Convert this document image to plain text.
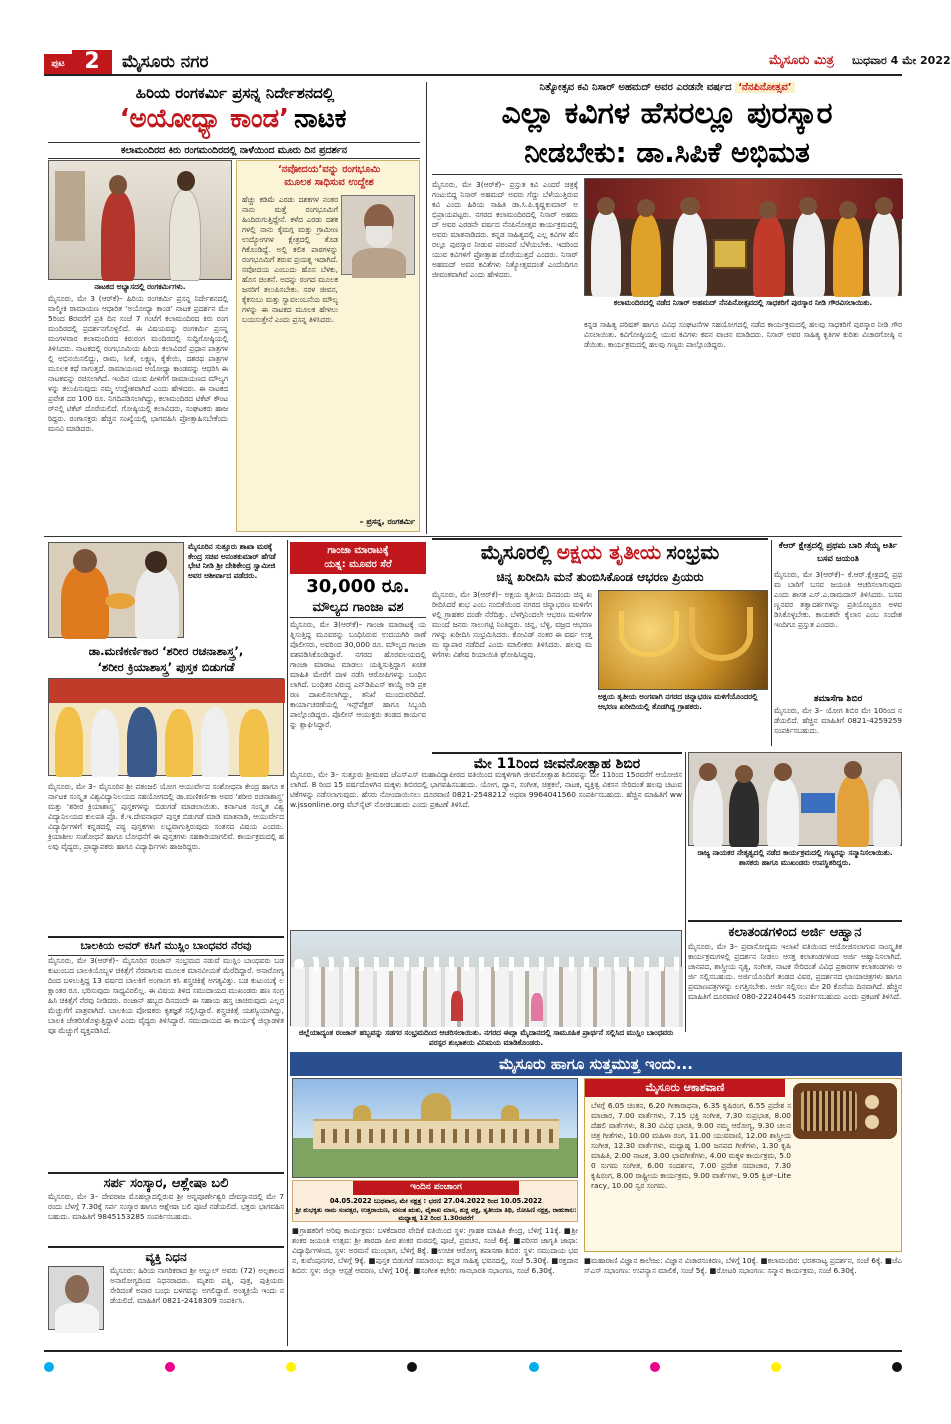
ಪುಟ 2	ಮೈಸೂರು ನಗರ	ಮೈಸೂರು ಮಿತ್ರ ಬುಧವಾರ 4 ಮೇ 2022
ಹಿರಿಯ ರಂಗಕರ್ಮಿ ಪ್ರಸನ್ನ ನಿರ್ದೇಶನದಲ್ಲಿ
‘ಅಯೋಧ್ಯಾ ಕಾಂಡ’ ನಾಟಕ
ಕಲಾಮಂದಿರದ ಕಿರು ರಂಗಮಂದಿರದಲ್ಲಿ ನಾಳೆಯಿಂದ ಮೂರು ದಿನ ಪ್ರದರ್ಶನ
ನಾಟಕದ ಅಭ್ಯಾಸದಲ್ಲಿ ರಂಗಕರ್ಮಿಗಳು.
ಮೈಸೂರು, ಮೇ 3 (ಆರ್‌ಕೆ)– ಹಿರಿಯ ರಂಗಕರ್ಮಿ ಪ್ರಸನ್ನ ನಿರ್ದೇಶನದಲ್ಲಿ ವಾಲ್ಮೀಕಿ ರಾಮಾಯಣ ಆಧಾರಿತ ‘ಅಯೋಧ್ಯಾ ಕಾಂಡ’ ನಾಟಕ ಪ್ರದರ್ಶನ ಮೇ 5ರಿಂದ 8ರವರೆಗೆ ಪ್ರತಿ ದಿನ ಸಂಜೆ 7 ಗಂಟೆಗೆ ಕಲಾಮಂದಿರದ ಕಿರು ರಂಗಮಂದಿರದಲ್ಲಿ ಪ್ರದರ್ಶನಗೊಳ್ಳಲಿದೆ. ಈ ವಿಷಯವನ್ನು ರಂಗಕರ್ಮಿ ಪ್ರಸನ್ನ ಮಂಗಳವಾರ ಕಲಾಮಂದಿರದ ಕಿರುರಂಗ ಮಂದಿರದಲ್ಲಿ ಸುದ್ದಿಗೋಷ್ಠಿಯಲ್ಲಿ ತಿಳಿಸಿದರು. ನಾಟಕದಲ್ಲಿ ರಂಗಭೂಮಿಯ ಹಿರಿಯ ಕಲಾವಿದರೆ ಪ್ರಧಾನ ಪಾತ್ರಗಳಲ್ಲಿ ಅಭಿನಯಿಸಲಿದ್ದು, ರಾಮ, ಸೀತೆ, ಲಕ್ಷ್ಮಣ, ಕೈಕೇಯಿ, ದಶರಥ ಪಾತ್ರಗಳ ಮೂಲಕ ಕಥೆ ಸಾಗುತ್ತದೆ. ರಾಮಾಯಣದ ಅಯೋಧ್ಯಾ ಕಾಂಡವನ್ನು ಆಧರಿಸಿ ಈ ನಾಟಕವನ್ನು ರಚಿಸಲಾಗಿದೆ. ಇಂದಿನ ಯುವ ಪೀಳಿಗೆಗೆ ರಾಮಾಯಣದ ಮೌಲ್ಯಗಳನ್ನು ತಲುಪಿಸುವುದು ನಮ್ಮ ಉದ್ದೇಶವಾಗಿದೆ ಎಂದು ಹೇಳಿದರು. ಈ ನಾಟಕದ ಪ್ರವೇಶ ದರ 100 ರೂ. ನಿಗದಿಪಡಿಸಲಾಗಿದ್ದು, ಕಲಾಮಂದಿರದ ಟಿಕೆಟ್ ಕೌಂಟರ್‌ನಲ್ಲಿ ಟಿಕೆಟ್ ದೊರೆಯಲಿದೆ. ಗೋಷ್ಠಿಯಲ್ಲಿ ಕಲಾವಿದರು, ಸಂಘಟಕರು ಹಾಜರಿದ್ದರು. ರಂಗಾಸಕ್ತರು ಹೆಚ್ಚಿನ ಸಂಖ್ಯೆಯಲ್ಲಿ ಭಾಗವಹಿಸಿ ಪ್ರೋತ್ಸಾಹಿಸಬೇಕೆಂದು ಮನವಿ ಮಾಡಿದರು.
‘ನವೋದಯ’ವನ್ನು ರಂಗಭೂಮಿ
ಮೂಲಕ ಸಾಧಿಸುವ ಉದ್ದೇಶ
ಹೆಚ್ಚು ಕಡಿಮೆ ಎರಡು ದಶಕಗಳ ನಂತರ ನಾನು ಮತ್ತೆ ರಂಗಭೂಮಿಗೆ ಹಿಂದಿರುಗುತ್ತಿದ್ದೇನೆ. ಕಳೆದ ಎರಡು ದಶಕಗಳಲ್ಲಿ ನಾನು ಕೈಮಗ್ಗ ಮತ್ತು ಗ್ರಾಮೀಣ ಉದ್ಯೋಗಗಳ ಕ್ಷೇತ್ರದಲ್ಲಿ ತೊಡಗಿಕೊಂಡಿದ್ದೆ. ಅಲ್ಲಿ ಕಲಿತ ಪಾಠಗಳನ್ನು ರಂಗಭೂಮಿಗೆ ತರುವ ಪ್ರಯತ್ನ ಇದಾಗಿದೆ. ನವೋದಯ ಎಂಬುದು ಹೊಸ ಬೆಳಕು, ಹೊಸ ಚಿಂತನೆ. ಅದನ್ನು ರಂಗದ ಮೂಲಕ ಜನರಿಗೆ ತಲುಪಿಸಬೇಕು. ಸರಳ ಜೀವನ, ಕೈಕಸುಬು ಮತ್ತು ಸ್ವಾವಲಂಬನೆಯ ಮೌಲ್ಯಗಳನ್ನು ಈ ನಾಟಕದ ಮೂಲಕ ಹೇಳಲು ಬಯಸುತ್ತೇನೆ ಎಂದು ಪ್ರಸನ್ನ ತಿಳಿಸಿದರು.
– ಪ್ರಸನ್ನ, ರಂಗಕರ್ಮಿ
ನಿತ್ಯೋತ್ಸವ ಕವಿ ನಿಸಾರ್ ಅಹಮದ್ ಅವರ ಎರಡನೇ ವರ್ಷದ ‘ನೆನಪಿನೋತ್ಸವ’
ಎಲ್ಲಾ ಕವಿಗಳ ಹೆಸರಲ್ಲೂ ಪುರಸ್ಕಾರ
ನೀಡಬೇಕು: ಡಾ.ಸಿಪಿಕೆ ಅಭಿಮತ
ಮೈಸೂರು, ಮೇ 3(ಆರ್‌ಕೆ)– ಪ್ರಸ್ತುತ ಕವಿ ಎಂದರೆ ಚಿತ್ರಕ್ಕೆ ಗಂಟುಬಿದ್ದ ನಿಸಾರ್ ಅಹಮದ್ ಅವರು ಗೆದ್ದು ಬೆಳೆಯುತ್ತಿರುವ ಕವಿ ಎಂದು ಹಿರಿಯ ಸಾಹಿತಿ ಡಾ.ಸಿ.ಪಿ.ಕೃಷ್ಣಕುಮಾರ್ ಅಭಿಪ್ರಾಯಪಟ್ಟರು. ನಗರದ ಕಲಾಮಂದಿರದಲ್ಲಿ ನಿಸಾರ್ ಅಹಮದ್ ಅವರ ಎರಡನೇ ವರ್ಷದ ನೆನಪಿನೋತ್ಸವ ಕಾರ್ಯಕ್ರಮದಲ್ಲಿ ಅವರು ಮಾತನಾಡಿದರು. ಕನ್ನಡ ಸಾಹಿತ್ಯದಲ್ಲಿ ಎಲ್ಲ ಕವಿಗಳ ಹೆಸರಲ್ಲೂ ಪುರಸ್ಕಾರ ನೀಡುವ ಪರಂಪರೆ ಬೆಳೆಯಬೇಕು. ಇದರಿಂದ ಯುವ ಕವಿಗಳಿಗೆ ಪ್ರೋತ್ಸಾಹ ದೊರೆಯುತ್ತದೆ ಎಂದರು. ನಿಸಾರ್ ಅಹಮದ್ ಅವರ ಕವಿತೆಗಳು ನಿತ್ಯೋತ್ಸವದಂತೆ ಎಂದೆಂದಿಗೂ ಜೀವಂತವಾಗಿವೆ ಎಂದು ಹೇಳಿದರು.
ಕಲಾಮಂದಿರದಲ್ಲಿ ನಡೆದ ನಿಸಾರ್ ಅಹಮದ್ ನೆನಪಿನೋತ್ಸವದಲ್ಲಿ ಸಾಧಕರಿಗೆ ಪುರಸ್ಕಾರ ನೀಡಿ ಗೌರವಿಸಲಾಯಿತು.
ಕನ್ನಡ ಸಾಹಿತ್ಯ ಪರಿಷತ್ ಹಾಗೂ ವಿವಿಧ ಸಂಘಟನೆಗಳ ಸಹಯೋಗದಲ್ಲಿ ನಡೆದ ಕಾರ್ಯಕ್ರಮದಲ್ಲಿ ಹಲವು ಸಾಧಕರಿಗೆ ಪುರಸ್ಕಾರ ನೀಡಿ ಗೌರವಿಸಲಾಯಿತು. ಕವಿಗೋಷ್ಠಿಯಲ್ಲಿ ಯುವ ಕವಿಗಳು ಕವನ ವಾಚನ ಮಾಡಿದರು. ನಿಸಾರ್ ಅವರ ಸಾಹಿತ್ಯ ಕೃತಿಗಳ ಕುರಿತು ವಿಚಾರಗೋಷ್ಠಿ ನಡೆಯಿತು. ಕಾರ್ಯಕ್ರಮದಲ್ಲಿ ಹಲವು ಗಣ್ಯರು ಪಾಲ್ಗೊಂಡಿದ್ದರು.
ಮೈಸೂರಲ್ಲಿ ಅಕ್ಷಯ ತೃತೀಯ ಸಂಭ್ರಮ
ಚಿನ್ನ ಖರೀದಿಸಿ ಮನೆ ತುಂಬಿಸಿಕೊಂಡ ಆಭರಣ ಪ್ರಿಯರು
ಮೈಸೂರು, ಮೇ 3(ಆರ್‌ಕೆ)– ಅಕ್ಷಯ ತೃತೀಯ ದಿನದಂದು ಚಿನ್ನ ಖರೀದಿಸಿದರೆ ಶುಭ ಎಂಬ ನಂಬಿಕೆಯಿಂದ ನಗರದ ಚಿನ್ನಾಭರಣ ಮಳಿಗೆಗಳಲ್ಲಿ ಗ್ರಾಹಕರ ದಂಡೇ ನೆರೆದಿತ್ತು. ಬೆಳಗ್ಗಿನಿಂದಲೇ ಆಭರಣ ಮಳಿಗೆಗಳ ಮುಂದೆ ಜನರು ಸಾಲುಗಟ್ಟಿ ನಿಂತಿದ್ದರು. ಚಿನ್ನ, ಬೆಳ್ಳಿ, ವಜ್ರದ ಆಭರಣಗಳನ್ನು ಖರೀದಿಸಿ ಸಂಭ್ರಮಿಸಿದರು. ಕೋವಿಡ್ ನಂತರ ಈ ವರ್ಷ ಉತ್ತಮ ವ್ಯಾಪಾರ ನಡೆದಿದೆ ಎಂದು ಮಾಲೀಕರು ತಿಳಿಸಿದರು. ಹಲವು ಮಳಿಗೆಗಳು ವಿಶೇಷ ರಿಯಾಯಿತಿ ಘೋಷಿಸಿದ್ದವು.
ಅಕ್ಷಯ ತೃತೀಯ ಅಂಗವಾಗಿ ನಗರದ ಚಿನ್ನಾಭರಣ ಮಳಿಗೆಯೊಂದರಲ್ಲಿ ಆಭರಣ ಖರೀದಿಯಲ್ಲಿ ತೊಡಗಿದ್ದ ಗ್ರಾಹಕರು.
ಕೆಆರ್ ಕ್ಷೇತ್ರದಲ್ಲಿ ಪ್ರಥಮ ಬಾರಿ ಸೆಯ್ಯ ಅರ್ತಿ ಬಸವ ಜಯಂತಿ
ಮೈಸೂರು, ಮೇ 3(ಆರ್‌ಕೆ)– ಕೆ.ಆರ್.ಕ್ಷೇತ್ರದಲ್ಲಿ ಪ್ರಥಮ ಬಾರಿಗೆ ಬಸವ ಜಯಂತಿ ಆಚರಿಸಲಾಗುವುದು ಎಂದು ಶಾಸಕ ಎಸ್.ಎ.ರಾಮದಾಸ್ ತಿಳಿಸಿದರು. ಬಸವಣ್ಣನವರ ತತ್ವಾದರ್ಶಗಳನ್ನು ಪ್ರತಿಯೊಬ್ಬರೂ ಅಳವಡಿಸಿಕೊಳ್ಳಬೇಕು. ಕಾಯಕವೇ ಕೈಲಾಸ ಎಂಬ ಸಂದೇಶ ಇಂದಿಗೂ ಪ್ರಸ್ತುತ ಎಂದರು.
ತಮಾಸೆಗಾ ಶಿಬಿರ
ಮೈಸೂರು, ಮೇ 3– ಯೋಗ ಶಿಬಿರ ಮೇ 10ರಿಂದ ನಡೆಯಲಿದೆ. ಹೆಚ್ಚಿನ ಮಾಹಿತಿಗೆ 0821-4259259 ಸಂಪರ್ಕಿಸಬಹುದು.
ಮೈಸೂರಿನ ಸುತ್ತೂರು ಶಾಖಾ ಮಠಕ್ಕೆ ಕೇಂದ್ರ ಸಚಿವ ಅನಂತಕುಮಾರ್ ಹೆಗಡೆ ಭೇಟಿ ನೀಡಿ ಶ್ರೀ ದೇಶಿಕೇಂದ್ರ ಸ್ವಾಮೀಜಿ ಅವರ ಆಶೀರ್ವಾದ ಪಡೆದರು.
ಡಾ.ಮಣಿಕರ್ಣಿಕಾರ ‘ಶರೀರ ರಚನಾಶಾಸ್ತ್ರ’,
‘ಶರೀರ ಕ್ರಿಯಾಶಾಸ್ತ್ರ’ ಪುಸ್ತಕ ಬಿಡುಗಡೆ
ಮೈಸೂರು, ಮೇ 3– ಮೈಸೂರಿನ ಶ್ರೀ ಪತಂಜಲಿ ಯೋಗ ಆಯುರ್ವೇದ ಸಂಶೋಧನಾ ಕೇಂದ್ರ ಹಾಗೂ ಕರ್ನಾಟಕ ಸಂಸ್ಕೃತ ವಿಶ್ವವಿದ್ಯಾನಿಲಯದ ಸಹಯೋಗದಲ್ಲಿ ಡಾ.ಮಣಿಕರ್ಣಿಕಾ ಅವರ ‘ಶರೀರ ರಚನಾಶಾಸ್ತ್ರ’ ಮತ್ತು ‘ಶರೀರ ಕ್ರಿಯಾಶಾಸ್ತ್ರ’ ಪುಸ್ತಕಗಳನ್ನು ಬಿಡುಗಡೆ ಮಾಡಲಾಯಿತು. ಕರ್ನಾಟಕ ಸಂಸ್ಕೃತ ವಿಶ್ವವಿದ್ಯಾನಿಲಯದ ಕುಲಪತಿ ಪ್ರೊ. ಕೆ.ಇ.ದೇವನಾಥನ್ ಪುಸ್ತಕ ಬಿಡುಗಡೆ ಮಾಡಿ ಮಾತನಾಡಿ, ಆಯುರ್ವೇದ ವಿದ್ಯಾರ್ಥಿಗಳಿಗೆ ಕನ್ನಡದಲ್ಲಿ ಪಠ್ಯ ಪುಸ್ತಕಗಳು ಲಭ್ಯವಾಗುತ್ತಿರುವುದು ಸಂತಸದ ವಿಷಯ ಎಂದರು. ಕ್ರಿಯಾಶೀಲ ಸಂಶೋಧನೆ ಹಾಗೂ ಬೋಧನೆಗೆ ಈ ಪುಸ್ತಕಗಳು ಸಹಕಾರಿಯಾಗಲಿವೆ. ಕಾರ್ಯಕ್ರಮದಲ್ಲಿ ಹಲವು ವೈದ್ಯರು, ಪ್ರಾಧ್ಯಾಪಕರು ಹಾಗೂ ವಿದ್ಯಾರ್ಥಿಗಳು ಹಾಜರಿದ್ದರು.
ಗಾಂಜಾ ಮಾರಾಟಕ್ಕೆ
ಯತ್ನ: ಮೂವರ ಸೆರೆ
30,000 ರೂ.
ಮೌಲ್ಯದ ಗಾಂಜಾ ವಶ
ಮೈಸೂರು, ಮೇ 3(ಆರ್‌ಕೆ)– ಗಾಂಜಾ ಮಾರಾಟಕ್ಕೆ ಯತ್ನಿಸುತ್ತಿದ್ದ ಮೂವರನ್ನು ಬಂಧಿಸಿರುವ ಉದಯಗಿರಿ ಠಾಣೆ ಪೊಲೀಸರು, ಅವರಿಂದ 30,000 ರೂ. ಮೌಲ್ಯದ ಗಾಂಜಾ ವಶಪಡಿಸಿಕೊಂಡಿದ್ದಾರೆ. ನಗರದ ಹೊರವಲಯದಲ್ಲಿ ಗಾಂಜಾ ಮಾರಾಟ ಮಾಡಲು ಯತ್ನಿಸುತ್ತಿದ್ದಾಗ ಖಚಿತ ಮಾಹಿತಿ ಮೇರೆಗೆ ದಾಳಿ ನಡೆಸಿ ಆರೋಪಿಗಳನ್ನು ಬಂಧಿಸಲಾಗಿದೆ. ಬಂಧಿತರ ವಿರುದ್ಧ ಎನ್‌ಡಿಪಿಎಸ್ ಕಾಯ್ದೆ ಅಡಿ ಪ್ರಕರಣ ದಾಖಲಿಸಲಾಗಿದ್ದು, ತನಿಖೆ ಮುಂದುವರಿದಿದೆ. ಕಾರ್ಯಾಚರಣೆಯಲ್ಲಿ ಇನ್ಸ್‌ಪೆಕ್ಟರ್ ಹಾಗೂ ಸಿಬ್ಬಂದಿ ಪಾಲ್ಗೊಂಡಿದ್ದರು. ಪೊಲೀಸ್ ಆಯುಕ್ತರು ತಂಡದ ಕಾರ್ಯವನ್ನು ಶ್ಲಾಘಿಸಿದ್ದಾರೆ.
ಮೇ 11ರಿಂದ ಜೀವನೋತ್ಸಾಹ ಶಿಬಿರ
ಮೈಸೂರು, ಮೇ 3– ಸುತ್ತೂರು ಶ್ರೀಮಠದ ಜೆಎಸ್‌ಎಸ್ ಮಹಾವಿದ್ಯಾಪೀಠದ ವತಿಯಿಂದ ಮಕ್ಕಳಿಗಾಗಿ ಜೀವನೋತ್ಸಾಹ ಶಿಬಿರವನ್ನು ಮೇ 11ರಿಂದ 15ರವರೆಗೆ ಆಯೋಜಿಸಲಾಗಿದೆ. 8 ರಿಂದ 15 ವರ್ಷದೊಳಗಿನ ಮಕ್ಕಳು ಶಿಬಿರದಲ್ಲಿ ಭಾಗವಹಿಸಬಹುದು. ಯೋಗ, ಧ್ಯಾನ, ಸಂಗೀತ, ಚಿತ್ರಕಲೆ, ನಾಟಕ, ವ್ಯಕ್ತಿತ್ವ ವಿಕಸನ ಸೇರಿದಂತೆ ಹಲವು ಚಟುವಟಿಕೆಗಳನ್ನು ನಡೆಸಲಾಗುವುದು. ಹೆಸರು ನೋಂದಾಯಿಸಲು ದೂರವಾಣಿ 0821-2548212 ಅಥವಾ 9964041560 ಸಂಪರ್ಕಿಸಬಹುದು. ಹೆಚ್ಚಿನ ಮಾಹಿತಿಗೆ www.jssonline.org ವೆಬ್‌ಸೈಟ್ ನೋಡಬಹುದು ಎಂದು ಪ್ರಕಟಣೆ ತಿಳಿಸಿದೆ.
ರಾಜ್ಯ ನಾಯಕರ ನೇತೃತ್ವದಲ್ಲಿ ನಡೆದ ಕಾರ್ಯಕ್ರಮದಲ್ಲಿ ಗಣ್ಯರನ್ನು ಸನ್ಮಾನಿಸಲಾಯಿತು. ಶಾಸಕರು ಹಾಗೂ ಮುಖಂಡರು ಉಪಸ್ಥಿತರಿದ್ದರು.
ಕಲಾತಂಡಗಳಿಂದ ಅರ್ಜಿ ಆಹ್ವಾನ
ಮೈಸೂರು, ಮೇ 3– ಪ್ರವಾಸೋದ್ಯಮ ಇಲಾಖೆ ವತಿಯಿಂದ ಆಯೋಜಿಸಲಾಗುವ ಸಾಂಸ್ಕೃತಿಕ ಕಾರ್ಯಕ್ರಮಗಳಲ್ಲಿ ಪ್ರದರ್ಶನ ನೀಡಲು ಆಸಕ್ತ ಕಲಾತಂಡಗಳಿಂದ ಅರ್ಜಿ ಆಹ್ವಾನಿಸಲಾಗಿದೆ. ಜಾನಪದ, ಶಾಸ್ತ್ರೀಯ ನೃತ್ಯ, ಸಂಗೀತ, ನಾಟಕ ಸೇರಿದಂತೆ ವಿವಿಧ ಪ್ರಕಾರಗಳ ಕಲಾತಂಡಗಳು ಅರ್ಜಿ ಸಲ್ಲಿಸಬಹುದು. ಅರ್ಜಿಯೊಂದಿಗೆ ತಂಡದ ವಿವರ, ಪ್ರದರ್ಶನದ ಛಾಯಾಚಿತ್ರಗಳು ಹಾಗೂ ಪ್ರಮಾಣಪತ್ರಗಳನ್ನು ಲಗತ್ತಿಸಬೇಕು. ಅರ್ಜಿ ಸಲ್ಲಿಸಲು ಮೇ 20 ಕೊನೆಯ ದಿನವಾಗಿದೆ. ಹೆಚ್ಚಿನ ಮಾಹಿತಿಗೆ ದೂರವಾಣಿ 080-22240445 ಸಂಪರ್ಕಿಸಬಹುದು ಎಂದು ಪ್ರಕಟಣೆ ತಿಳಿಸಿದೆ.
ಜಿಲ್ಲೆಯಾದ್ಯಂತ ರಂಜಾನ್ ಹಬ್ಬವನ್ನು ಸಡಗರ ಸಂಭ್ರಮದಿಂದ ಆಚರಿಸಲಾಯಿತು. ನಗರದ ಈದ್ಗಾ ಮೈದಾನದಲ್ಲಿ ಸಾಮೂಹಿಕ ಪ್ರಾರ್ಥನೆ ಸಲ್ಲಿಸಿದ ಮುಸ್ಲಿಂ ಬಾಂಧವರು ಪರಸ್ಪರ ಶುಭಾಶಯ ವಿನಿಮಯ ಮಾಡಿಕೊಂಡರು.
ಬಾಲಕಿಯ ಅವರ್ ಕಸಿಗೆ ಮುಸ್ಲಿಂ ಬಾಂಧವರ ನೆರವು
ಮೈಸೂರು, ಮೇ 3(ಆರ್‌ಕೆ)– ಮೈಸೂರಿನ ರಂಜಾನ್ ಸಂಭ್ರಮದ ನಡುವೆ ಮುಸ್ಲಿಂ ಬಾಂಧವರು ಬಡ ಕುಟುಂಬದ ಬಾಲಕಿಯೊಬ್ಬಳ ಚಿಕಿತ್ಸೆಗೆ ನೆರವಾಗುವ ಮೂಲಕ ಮಾನವೀಯತೆ ಮೆರೆದಿದ್ದಾರೆ. ಅನಾರೋಗ್ಯದಿಂದ ಬಳಲುತ್ತಿದ್ದ 13 ವರ್ಷದ ಬಾಲಕಿಗೆ ಅಂಗಾಂಗ ಕಸಿ ಶಸ್ತ್ರಚಿಕಿತ್ಸೆ ಅಗತ್ಯವಿತ್ತು. ಬಡ ಕುಟುಂಬಕ್ಕೆ ಲಕ್ಷಾಂತರ ರೂ. ಭರಿಸುವುದು ಸಾಧ್ಯವಿರಲಿಲ್ಲ. ಈ ವಿಷಯ ತಿಳಿದ ಸಮುದಾಯದ ಮುಖಂಡರು ಹಣ ಸಂಗ್ರಹಿಸಿ ಚಿಕಿತ್ಸೆಗೆ ನೆರವು ನೀಡಿದರು. ರಂಜಾನ್ ಹಬ್ಬದ ದಿನದಂದೇ ಈ ಸಹಾಯ ಹಸ್ತ ಚಾಚಿರುವುದು ಎಲ್ಲರ ಮೆಚ್ಚುಗೆಗೆ ಪಾತ್ರವಾಗಿದೆ. ಬಾಲಕಿಯ ಪೋಷಕರು ಕೃತಜ್ಞತೆ ಸಲ್ಲಿಸಿದ್ದಾರೆ. ಶಸ್ತ್ರಚಿಕಿತ್ಸೆ ಯಶಸ್ವಿಯಾಗಿದ್ದು, ಬಾಲಕಿ ಚೇತರಿಸಿಕೊಳ್ಳುತ್ತಿದ್ದಾಳೆ ಎಂದು ವೈದ್ಯರು ತಿಳಿಸಿದ್ದಾರೆ. ಸಮುದಾಯದ ಈ ಕಾರ್ಯಕ್ಕೆ ಜಿಲ್ಲಾಡಳಿತವೂ ಮೆಚ್ಚುಗೆ ವ್ಯಕ್ತಪಡಿಸಿದೆ.
ಸರ್ಪ ಸಂಸ್ಕಾರ, ಆಶ್ಲೇಷಾ ಬಲಿ
ಮೈಸೂರು, ಮೇ 3– ದೇವರಾಜ ಮೊಹಲ್ಲಾದಲ್ಲಿರುವ ಶ್ರೀ ಅನ್ನಪೂರ್ಣೇಶ್ವರಿ ದೇವಸ್ಥಾನದಲ್ಲಿ ಮೇ 7ರಂದು ಬೆಳಗ್ಗೆ 7.30ಕ್ಕೆ ಸರ್ಪ ಸಂಸ್ಕಾರ ಹಾಗೂ ಆಶ್ಲೇಷಾ ಬಲಿ ಪೂಜೆ ನಡೆಯಲಿದೆ. ಭಕ್ತರು ಭಾಗವಹಿಸಬಹುದು. ಮಾಹಿತಿಗೆ 9845153285 ಸಂಪರ್ಕಿಸಬಹುದು.
ವ್ಯಕ್ತಿ ನಿಧನ
ಮೈಸೂರು: ಹಿರಿಯ ನಾಗರಿಕರಾದ ಶ್ರೀ ಅಬ್ದುಲ್ ಅವರು (72) ಅಲ್ಪಕಾಲದ ಅನಾರೋಗ್ಯದಿಂದ ನಿಧನರಾದರು. ಮೃತರು ಪತ್ನಿ, ಪುತ್ರ, ಪುತ್ರಿಯರು ಸೇರಿದಂತೆ ಅಪಾರ ಬಂಧು ಬಳಗವನ್ನು ಅಗಲಿದ್ದಾರೆ. ಅಂತ್ಯಕ್ರಿಯೆ ಇಂದು ನಡೆಯಲಿದೆ. ಮಾಹಿತಿಗೆ 0821-2418309 ಸಂಪರ್ಕಿಸಿ.
ಮೈಸೂರು ಹಾಗೂ ಸುತ್ತಮುತ್ತ ಇಂದು...
ಮೈಸೂರು ಆಕಾಶವಾಣಿ
ಬೆಳಗ್ಗೆ 6.05 ಚಿಂತನ, 6.20 ಗೀತಾರಾಧನಾ, 6.35 ಕೃಷಿರಂಗ, 6.55 ಪ್ರದೇಶ ಸಮಾಚಾರ, 7.00 ವಾರ್ತೆಗಳು, 7.15 ಭಕ್ತಿ ಸಂಗೀತ, 7.30 ಸುಪ್ರಭಾತ, 8.00 ದೆಹಲಿ ವಾರ್ತೆಗಳು, 8.30 ವಿವಿಧ ಭಾರತಿ, 9.00 ನಮ್ಮ ಆರೋಗ್ಯ, 9.30 ಚಲನಚಿತ್ರ ಗೀತೆಗಳು, 10.00 ಮಹಿಳಾ ರಂಗ, 11.00 ಯುವವಾಣಿ, 12.00 ಶಾಸ್ತ್ರೀಯ ಸಂಗೀತ, 12.30 ವಾರ್ತೆಗಳು, ಮಧ್ಯಾಹ್ನ 1.00 ಜನಪದ ಗೀತೆಗಳು, 1.30 ಕೃಷಿ ಮಾಹಿತಿ, 2.00 ನಾಟಕ, 3.00 ಭಾವಗೀತೆಗಳು, 4.00 ಮಕ್ಕಳ ಕಾರ್ಯಕ್ರಮ, 5.00 ಸುಗಮ ಸಂಗೀತ, 6.00 ಸಂದರ್ಶನ, 7.00 ಪ್ರದೇಶ ಸಮಾಚಾರ, 7.30 ಕೃಷಿರಂಗ, 8.00 ರಾಷ್ಟ್ರೀಯ ಕಾರ್ಯಕ್ರಮ, 9.00 ವಾರ್ತೆಗಳು, 9.05 ಕ್ವಿಜ್–Literacy, 10.00 ಸ್ವರ ಸಂಗಮ.
ಇಂದಿನ ಪಂಚಾಂಗ
04.05.2022 ಬುಧವಾರ, ಮೇ ನಕ್ಷತ್ರ : ಭರಣಿ 27.04.2022 ರಿಂದ 10.05.2022
ಶ್ರೀ ಶುಭಕೃತು ನಾಮ ಸಂವತ್ಸರ, ಉತ್ತರಾಯಣ, ವಸಂತ ಋತು, ವೈಶಾಖ ಮಾಸ, ಶುಕ್ಲ ಪಕ್ಷ, ತೃತೀಯಾ ತಿಥಿ, ರೋಹಿಣಿ ನಕ್ಷತ್ರ, ರಾಹುಕಾಲ: ಮಧ್ಯಾಹ್ನ 12 ರಿಂದ 1.30ರವರೆಗೆ
■ಗ್ರಾಹಕರಿಗೆ ಅರಿವು ಕಾರ್ಯಕ್ರಮ: ಬಳಕೆದಾರರ ವೇದಿಕೆ ವತಿಯಿಂದ ಸ್ಥಳ: ಗ್ರಾಹಕ ಮಾಹಿತಿ ಕೇಂದ್ರ, ಬೆಳಿಗ್ಗೆ 11ಕ್ಕೆ. ■ಶ್ರೀ ಶಂಕರ ಜಯಂತಿ ಉತ್ಸವ: ಶ್ರೀ ಶಾರದಾ ಪೀಠ ಶಂಕರ ಮಠದಲ್ಲಿ ಪೂಜೆ, ಪ್ರವಚನ, ಸಂಜೆ 6ಕ್ಕೆ. ■ಪರಿಸರ ಜಾಗೃತಿ ಜಾಥಾ: ವಿದ್ಯಾರ್ಥಿಗಳಿಂದ, ಸ್ಥಳ: ಅರಮನೆ ಮುಂಭಾಗ, ಬೆಳಿಗ್ಗೆ 8ಕ್ಕೆ. ■ಉಚಿತ ಆರೋಗ್ಯ ತಪಾಸಣಾ ಶಿಬಿರ: ಸ್ಥಳ: ಸಮುದಾಯ ಭವನ, ಕುವೆಂಪುನಗರ, ಬೆಳಿಗ್ಗೆ 9ಕ್ಕೆ. ■ಪುಸ್ತಕ ಬಿಡುಗಡೆ ಸಮಾರಂಭ: ಕನ್ನಡ ಸಾಹಿತ್ಯ ಭವನದಲ್ಲಿ, ಸಂಜೆ 5.30ಕ್ಕೆ. ■ರಕ್ತದಾನ ಶಿಬಿರ: ಸ್ಥಳ: ಜಿಲ್ಲಾ ಆಸ್ಪತ್ರೆ ಆವರಣ, ಬೆಳಿಗ್ಗೆ 10ಕ್ಕೆ. ■ಸಂಗೀತ ಕಛೇರಿ: ಗಾನಭಾರತಿ ಸಭಾಂಗಣ, ಸಂಜೆ 6.30ಕ್ಕೆ.
■ಮಹಾರಾಣಿ ವಿಜ್ಞಾನ ಕಾಲೇಜು: ವಿಜ್ಞಾನ ವಿಚಾರಸಂಕಿರಣ, ಬೆಳಿಗ್ಗೆ 10ಕ್ಕೆ. ■ಕಲಾಮಂದಿರ: ಭರತನಾಟ್ಯ ಪ್ರದರ್ಶನ, ಸಂಜೆ 6ಕ್ಕೆ. ■ಜೆಎಸ್‌ಎಸ್ ಸಭಾಂಗಣ: ಉಪನ್ಯಾಸ ಮಾಲಿಕೆ, ಸಂಜೆ 5ಕ್ಕೆ. ■ರೋಟರಿ ಸಭಾಂಗಣ: ಸನ್ಮಾನ ಕಾರ್ಯಕ್ರಮ, ಸಂಜೆ 6.30ಕ್ಕೆ.
